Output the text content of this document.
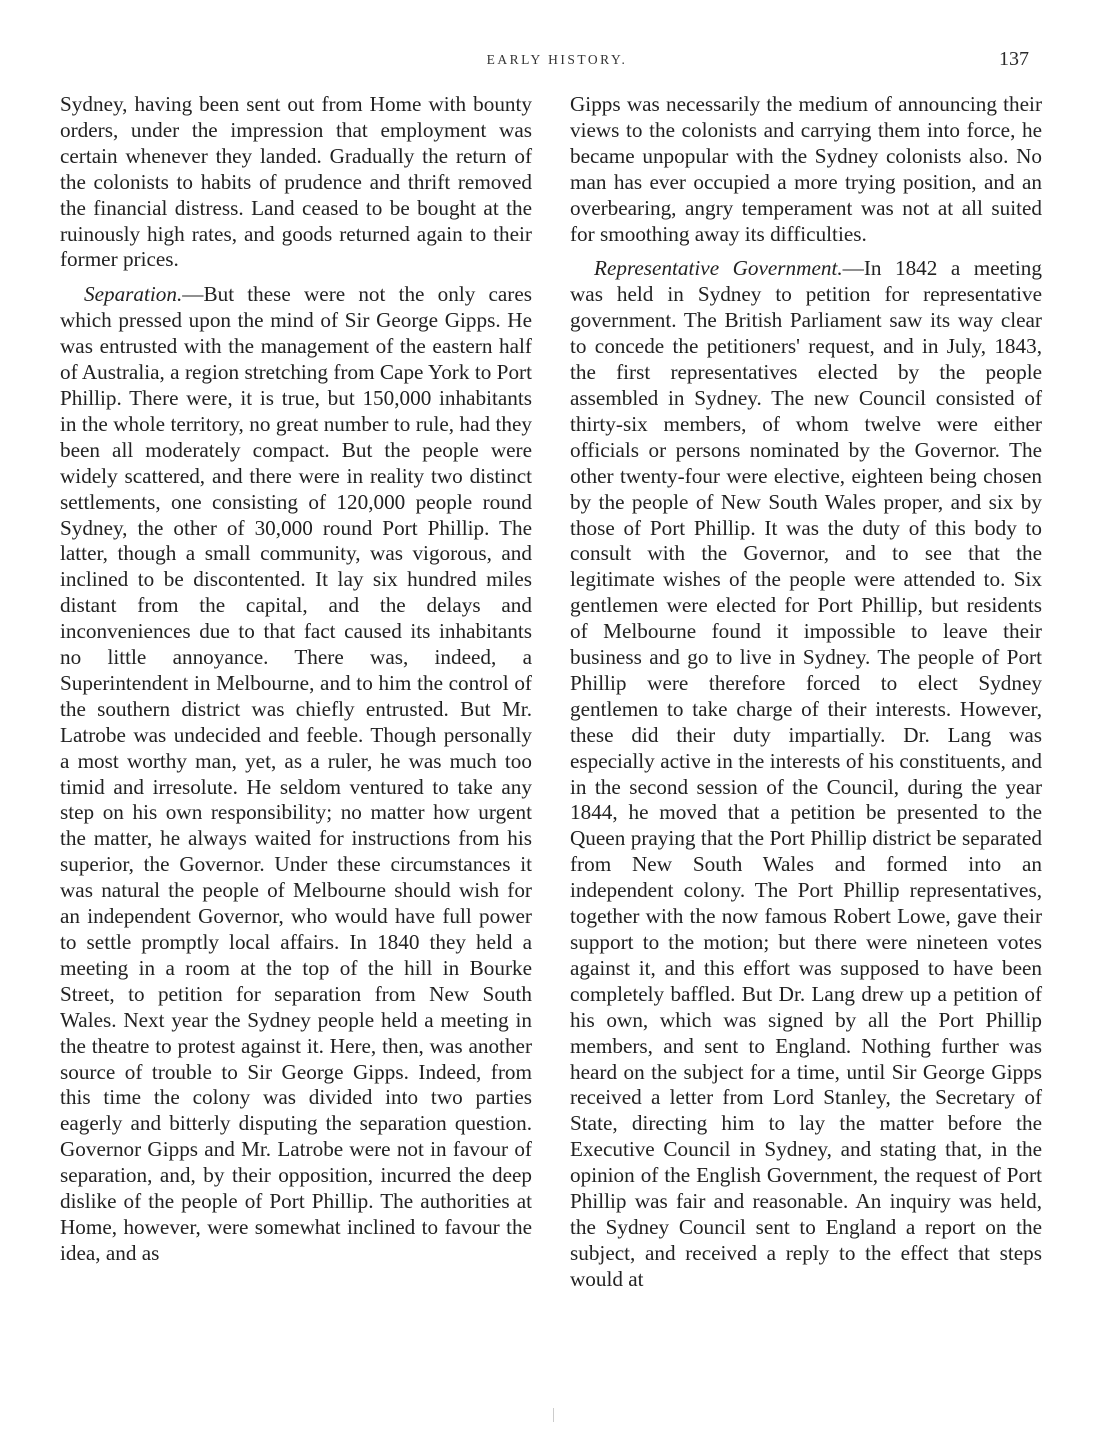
EARLY HISTORY.	137

Sydney, having been sent out from Home with bounty orders, under the impression that employment was certain whenever they landed. Gradually the return of the colonists to habits of prudence and thrift removed the financial distress. Land ceased to be bought at the ruinously high rates, and goods returned again to their former prices.

Separation.—But these were not the only cares which pressed upon the mind of Sir George Gipps. He was entrusted with the management of the eastern half of Australia, a region stretching from Cape York to Port Phillip. There were, it is true, but 150,000 inhabitants in the whole territory, no great number to rule, had they been all moderately compact. But the people were widely scattered, and there were in reality two distinct settlements, one consisting of 120,000 people round Sydney, the other of 30,000 round Port Phillip. The latter, though a small community, was vigorous, and inclined to be discontented. It lay six hundred miles distant from the capital, and the delays and inconveniences due to that fact caused its inhabitants no little annoyance. There was, indeed, a Superintendent in Melbourne, and to him the control of the southern district was chiefly entrusted. But Mr. Latrobe was undecided and feeble. Though personally a most worthy man, yet, as a ruler, he was much too timid and irresolute. He seldom ventured to take any step on his own responsibility; no matter how urgent the matter, he always waited for instructions from his superior, the Governor. Under these circumstances it was natural the people of Melbourne should wish for an independent Governor, who would have full power to settle promptly local affairs. In 1840 they held a meeting in a room at the top of the hill in Bourke Street, to petition for separation from New South Wales. Next year the Sydney people held a meeting in the theatre to protest against it. Here, then, was another source of trouble to Sir George Gipps. Indeed, from this time the colony was divided into two parties eagerly and bitterly disputing the separation question. Governor Gipps and Mr. Latrobe were not in favour of separation, and, by their opposition, incurred the deep dislike of the people of Port Phillip. The authorities at Home, however, were somewhat inclined to favour the idea, and as

Gipps was necessarily the medium of announcing their views to the colonists and carrying them into force, he became unpopular with the Sydney colonists also. No man has ever occupied a more trying position, and an overbearing, angry temperament was not at all suited for smoothing away its difficulties.

Representative Government.—In 1842 a meeting was held in Sydney to petition for representative government. The British Parliament saw its way clear to concede the petitioners' request, and in July, 1843, the first representatives elected by the people assembled in Sydney. The new Council consisted of thirty-six members, of whom twelve were either officials or persons nominated by the Governor. The other twenty-four were elective, eighteen being chosen by the people of New South Wales proper, and six by those of Port Phillip. It was the duty of this body to consult with the Governor, and to see that the legitimate wishes of the people were attended to. Six gentlemen were elected for Port Phillip, but residents of Melbourne found it impossible to leave their business and go to live in Sydney. The people of Port Phillip were therefore forced to elect Sydney gentlemen to take charge of their interests. However, these did their duty impartially. Dr. Lang was especially active in the interests of his constituents, and in the second session of the Council, during the year 1844, he moved that a petition be presented to the Queen praying that the Port Phillip district be separated from New South Wales and formed into an independent colony. The Port Phillip representatives, together with the now famous Robert Lowe, gave their support to the motion; but there were nineteen votes against it, and this effort was supposed to have been completely baffled. But Dr. Lang drew up a petition of his own, which was signed by all the Port Phillip members, and sent to England. Nothing further was heard on the subject for a time, until Sir George Gipps received a letter from Lord Stanley, the Secretary of State, directing him to lay the matter before the Executive Council in Sydney, and stating that, in the opinion of the English Government, the request of Port Phillip was fair and reasonable. An inquiry was held, the Sydney Council sent to England a report on the subject, and received a reply to the effect that steps would at
